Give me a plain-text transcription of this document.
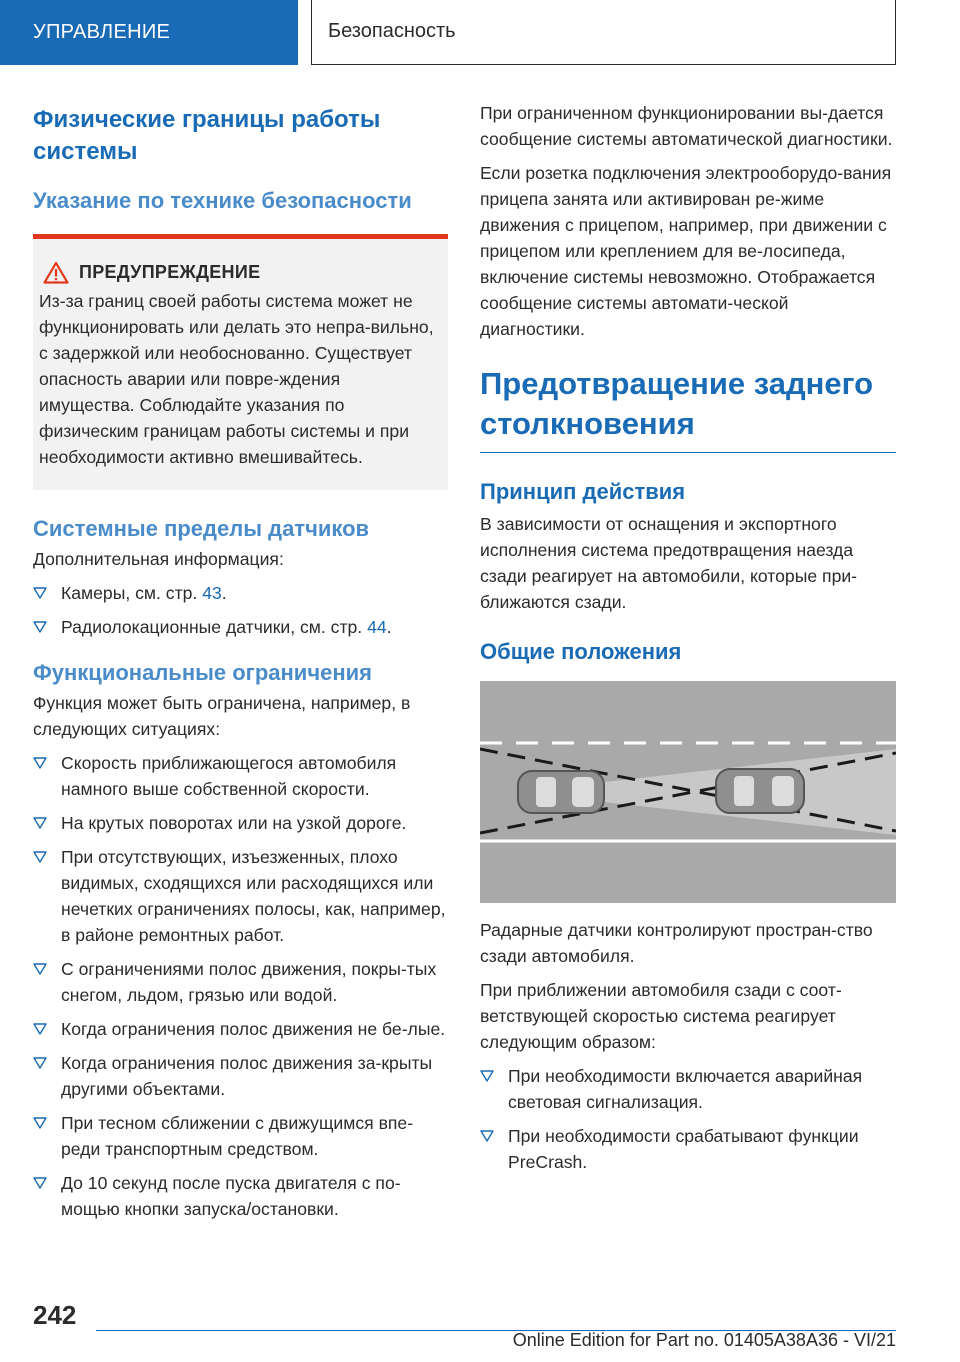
УПРАВЛЕНИЕ	Безопасность
Физические границы работы системы
Указание по технике безопасности
ПРЕДУПРЕЖДЕНИЕ

Из-за границ своей работы система может не функционировать или делать это непра-вильно, с задержкой или необоснованно. Существует опасность аварии или повре-ждения имущества. Соблюдайте указания по физическим границам работы системы и при необходимости активно вмешивайтесь.

Системные пределы датчиков

Дополнительная информация:

Камеры, см. стр. 43.
Радиолокационные датчики, см. стр. 44.
Функциональные ограничения

Функция может быть ограничена, например, в следующих ситуациях:

Скорость приближающегося автомобиля намного выше собственной скорости.
На крутых поворотах или на узкой дороге.
При отсутствующих, изъезженных, плохо видимых, сходящихся или расходящихся или нечетких ограничениях полосы, как, например, в районе ремонтных работ.
С ограничениями полос движения, покры-тых снегом, льдом, грязью или водой.
Когда ограничения полос движения не бе-лые.
Когда ограничения полос движения за-крыты другими объектами.
При тесном сближении с движущимся впе-реди транспортным средством.
До 10 секунд после пуска двигателя с по-мощью кнопки запуска/остановки.

При ограниченном функционировании вы-дается сообщение системы автоматической диагностики.

Если розетка подключения электрооборудо-вания прицепа занята или активирован ре-жиме движения с прицепом, например, при движении с прицепом или креплением для ве-лосипеда, включение системы невозможно. Отображается сообщение системы автомати-ческой диагностики.

Предотвращение заднего столкновения
Принцип действия

В зависимости от оснащения и экспортного исполнения система предотвращения наезда сзади реагирует на автомобили, которые при-ближаются сзади.

Общие положения

Радарные датчики контролируют простран-ство сзади автомобиля.

При приближении автомобиля сзади с соот-ветствующей скоростью система реагирует следующим образом:

При необходимости включается аварийная световая сигнализация.
При необходимости срабатывают функции PreCrash.
242
Online Edition for Part no. 01405A38A36 - VI/21
